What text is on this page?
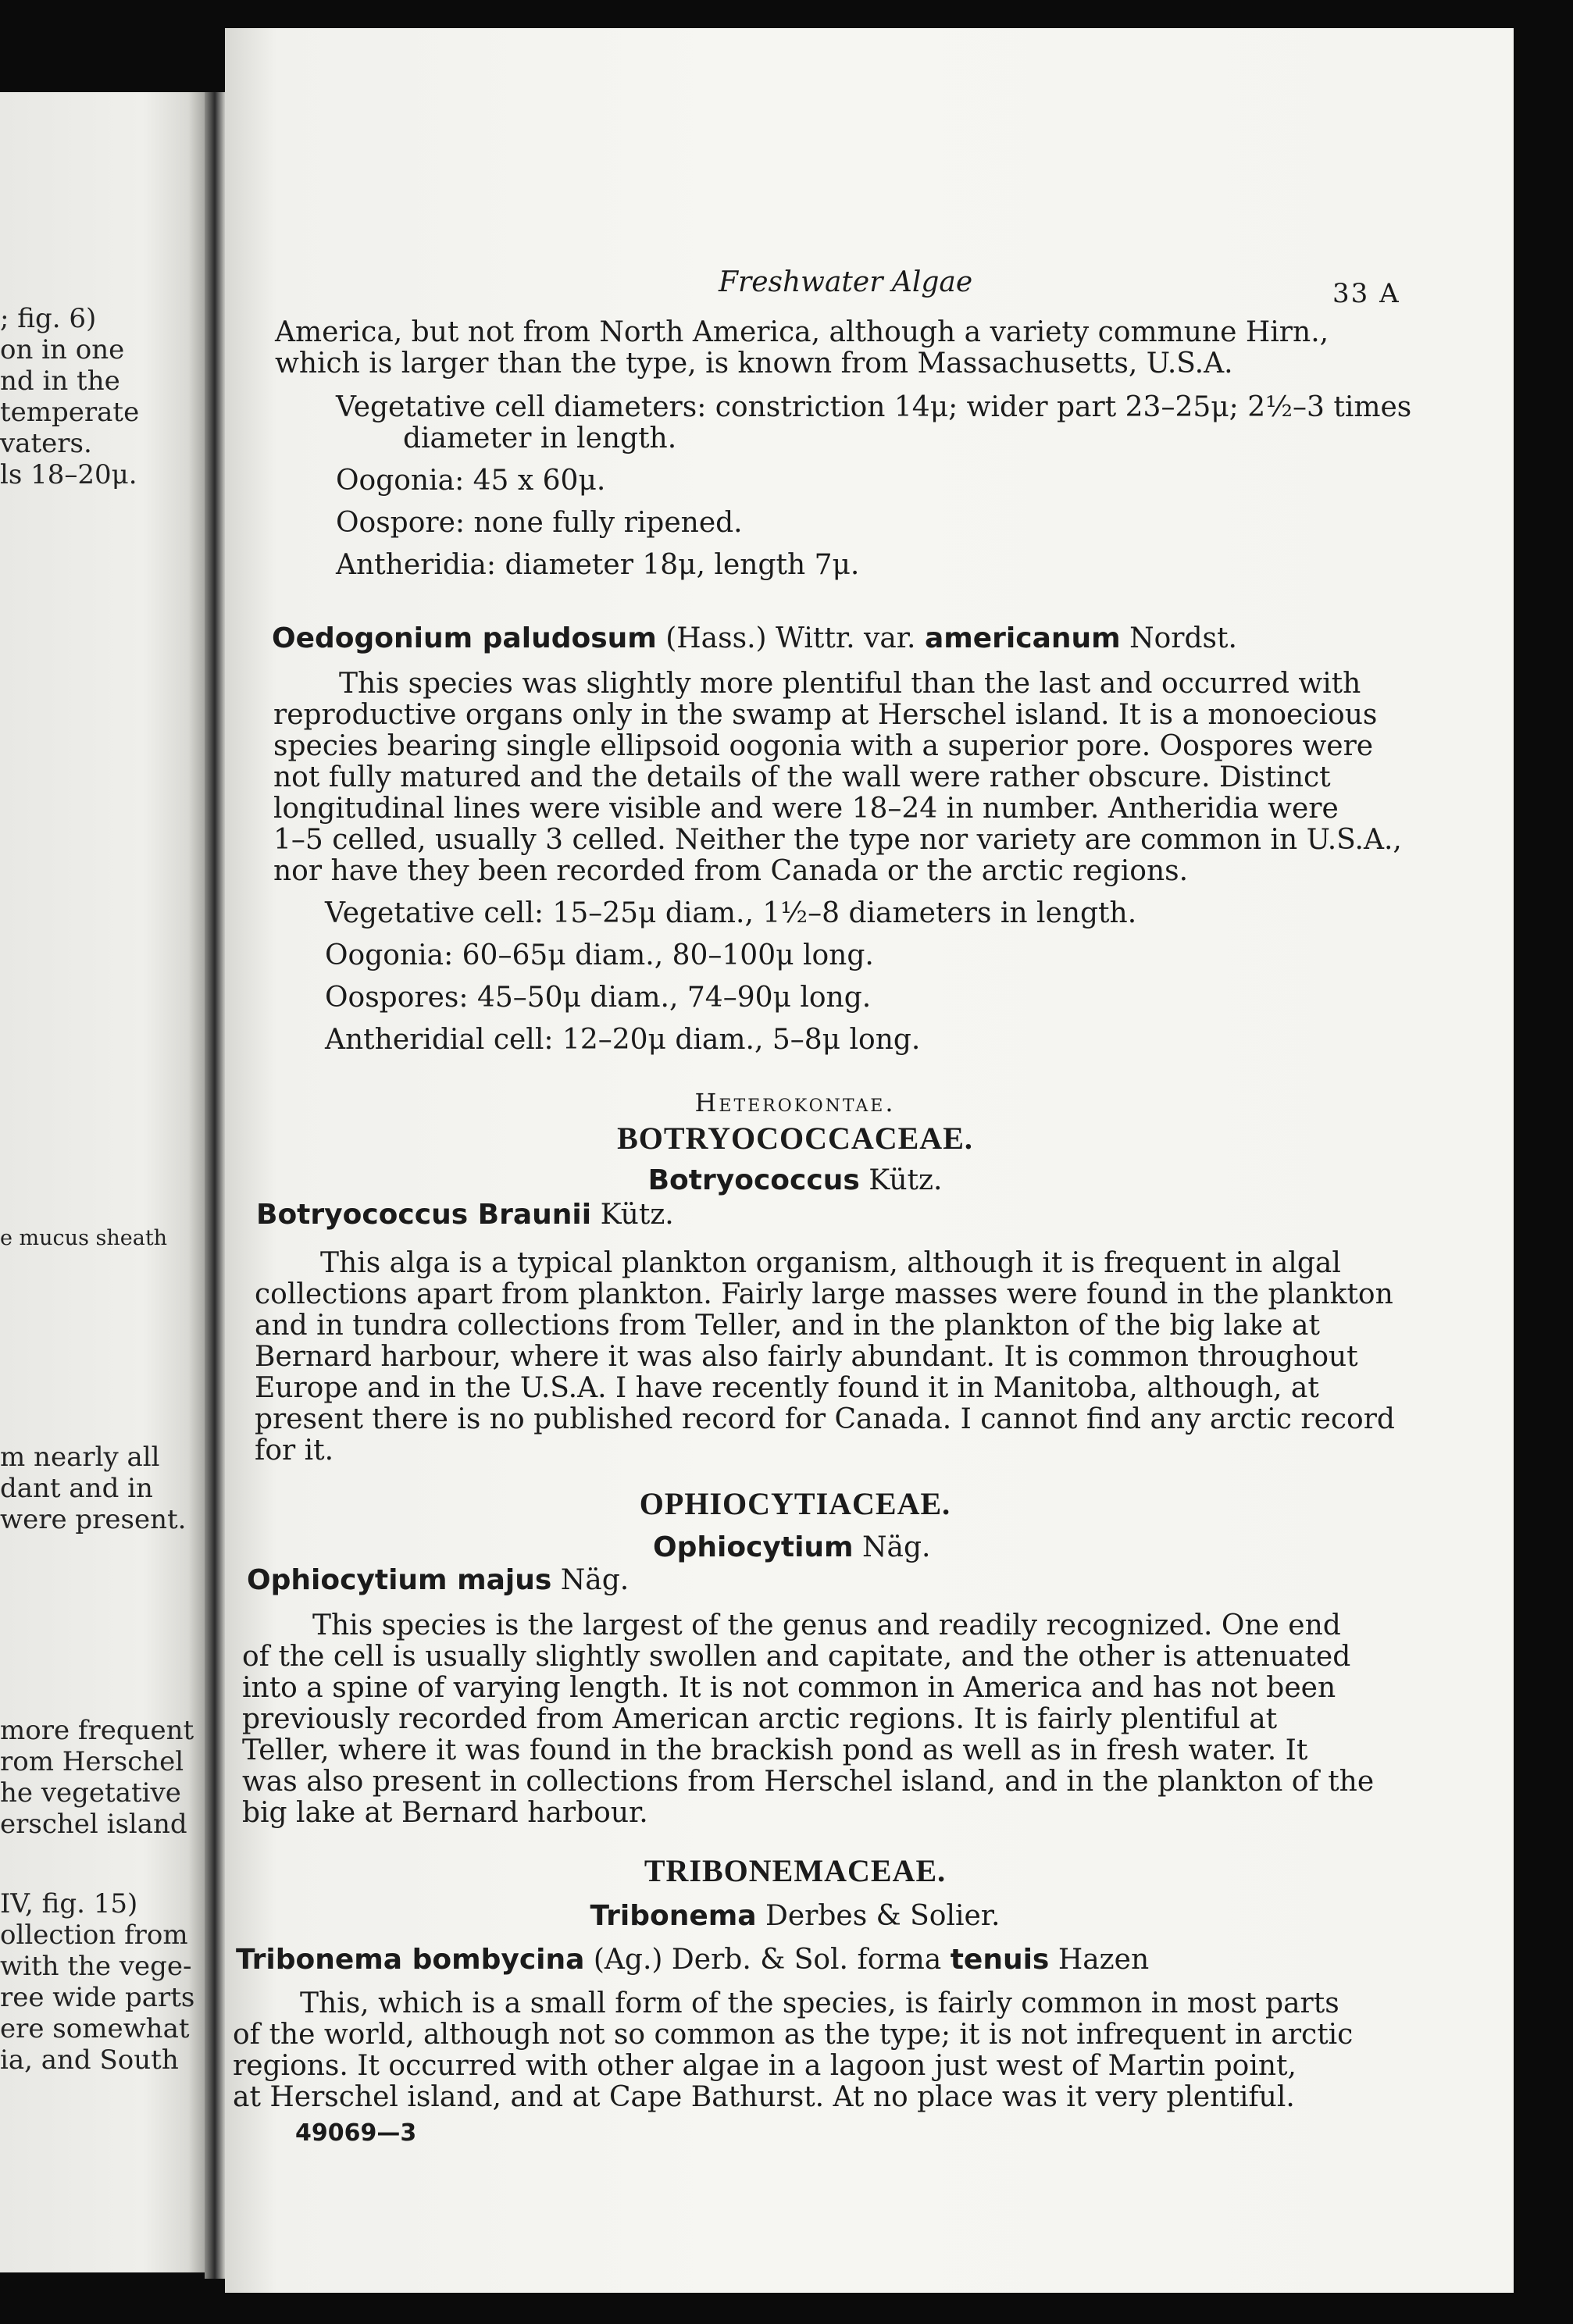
; fig. 6)
on in one
nd in the
temperate
vaters.
ls 18–20μ.
e mucus sheath
m nearly all
dant and in
were present.
more frequent
rom Herschel
he vegetative
erschel island
IV, fig. 15)
ollection from
with the vege-
ree wide parts
ere somewhat
ia, and South
Freshwater Algae	33 A
America, but not from North America, although a variety commune Hirn.,
which is larger than the type, is known from Massachusetts, U.S.A.
Vegetative cell diameters: constriction 14μ; wider part 23–25μ; 2½–3 times
diameter in length.
Oogonia: 45 x 60μ.
Oospore: none fully ripened.
Antheridia: diameter 18μ, length 7μ.
Oedogonium paludosum (Hass.) Wittr. var. americanum Nordst.
This species was slightly more plentiful than the last and occurred with
reproductive organs only in the swamp at Herschel island. It is a monoecious
species bearing single ellipsoid oogonia with a superior pore. Oospores were
not fully matured and the details of the wall were rather obscure. Distinct
longitudinal lines were visible and were 18–24 in number. Antheridia were
1–5 celled, usually 3 celled. Neither the type nor variety are common in U.S.A.,
nor have they been recorded from Canada or the arctic regions.
Vegetative cell: 15–25μ diam., 1½–8 diameters in length.
Oogonia: 60–65μ diam., 80–100μ long.
Oospores: 45–50μ diam., 74–90μ long.
Antheridial cell: 12–20μ diam., 5–8μ long.
Heterokontae.
BOTRYOCOCCACEAE.
Botryococcus Kütz.
Botryococcus Braunii Kütz.
This alga is a typical plankton organism, although it is frequent in algal
collections apart from plankton. Fairly large masses were found in the plankton
and in tundra collections from Teller, and in the plankton of the big lake at
Bernard harbour, where it was also fairly abundant. It is common throughout
Europe and in the U.S.A. I have recently found it in Manitoba, although, at
present there is no published record for Canada. I cannot find any arctic record
for it.
OPHIOCYTIACEAE.
Ophiocytium Näg.
Ophiocytium majus Näg.
This species is the largest of the genus and readily recognized. One end
of the cell is usually slightly swollen and capitate, and the other is attenuated
into a spine of varying length. It is not common in America and has not been
previously recorded from American arctic regions. It is fairly plentiful at
Teller, where it was found in the brackish pond as well as in fresh water. It
was also present in collections from Herschel island, and in the plankton of the
big lake at Bernard harbour.
TRIBONEMACEAE.
Tribonema Derbes & Solier.
Tribonema bombycina (Ag.) Derb. & Sol. forma tenuis Hazen
This, which is a small form of the species, is fairly common in most parts
of the world, although not so common as the type; it is not infrequent in arctic
regions. It occurred with other algae in a lagoon just west of Martin point,
at Herschel island, and at Cape Bathurst. At no place was it very plentiful.
49069—3
